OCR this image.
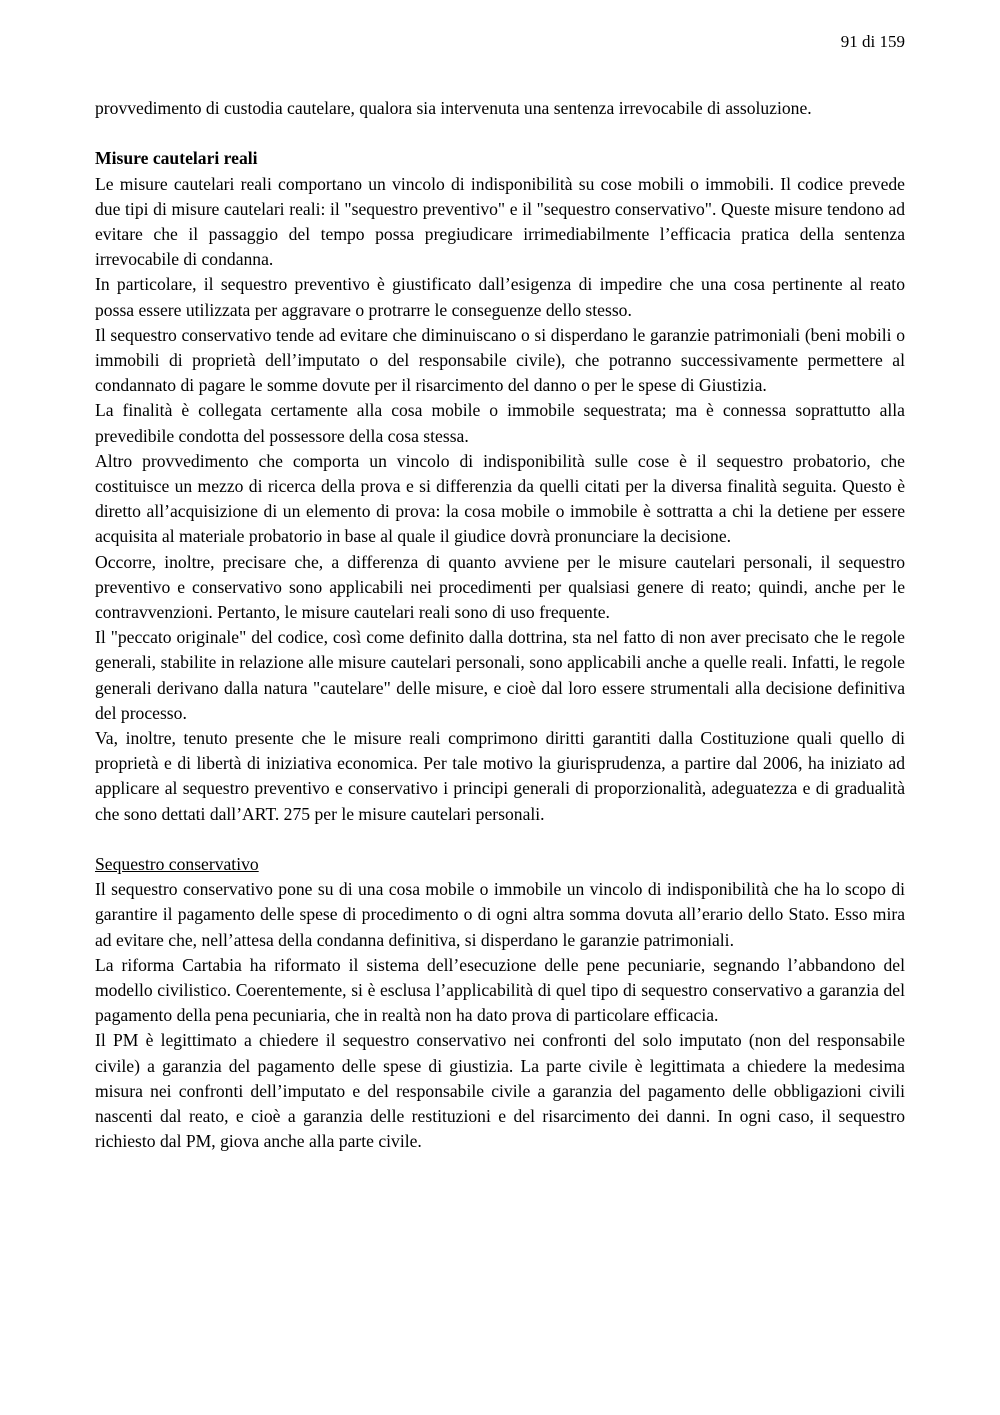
91 di 159

provvedimento di custodia cautelare, qualora sia intervenuta una sentenza irrevocabile di assoluzione.

Misure cautelari reali

Le misure cautelari reali comportano un vincolo di indisponibilità su cose mobili o immobili. Il codice prevede due tipi di misure cautelari reali: il "sequestro preventivo" e il "sequestro conservativo". Queste misure tendono ad evitare che il passaggio del tempo possa pregiudicare irrimediabilmente l’efficacia pratica della sentenza irrevocabile di condanna.

In particolare, il sequestro preventivo è giustificato dall’esigenza di impedire che una cosa pertinente al reato possa essere utilizzata per aggravare o protrarre le conseguenze dello stesso.

Il sequestro conservativo tende ad evitare che diminuiscano o si disperdano le garanzie patrimoniali (beni mobili o immobili di proprietà dell’imputato o del responsabile civile), che potranno successivamente permettere al condannato di pagare le somme dovute per il risarcimento del danno o per le spese di Giustizia.

La finalità è collegata certamente alla cosa mobile o immobile sequestrata; ma è connessa soprattutto alla prevedibile condotta del possessore della cosa stessa.

Altro provvedimento che comporta un vincolo di indisponibilità sulle cose è il sequestro probatorio, che costituisce un mezzo di ricerca della prova e si differenzia da quelli citati per la diversa finalità seguita. Questo è diretto all’acquisizione di un elemento di prova: la cosa mobile o immobile è sottratta a chi la detiene per essere acquisita al materiale probatorio in base al quale il giudice dovrà pronunciare la decisione.

Occorre, inoltre, precisare che, a differenza di quanto avviene per le misure cautelari personali, il sequestro preventivo e conservativo sono applicabili nei procedimenti per qualsiasi genere di reato; quindi, anche per le contravvenzioni. Pertanto, le misure cautelari reali sono di uso frequente.

Il "peccato originale" del codice, così come definito dalla dottrina, sta nel fatto di non aver precisato che le regole generali, stabilite in relazione alle misure cautelari personali, sono applicabili anche a quelle reali. Infatti, le regole generali derivano dalla natura "cautelare" delle misure, e cioè dal loro essere strumentali alla decisione definitiva del processo.

Va, inoltre, tenuto presente che le misure reali comprimono diritti garantiti dalla Costituzione quali quello di proprietà e di libertà di iniziativa economica. Per tale motivo la giurisprudenza, a partire dal 2006, ha iniziato ad applicare al sequestro preventivo e conservativo i principi generali di proporzionalità, adeguatezza e di gradualità che sono dettati dall’ART. 275 per le misure cautelari personali.

Sequestro conservativo

Il sequestro conservativo pone su di una cosa mobile o immobile un vincolo di indisponibilità che ha lo scopo di garantire il pagamento delle spese di procedimento o di ogni altra somma dovuta all’erario dello Stato. Esso mira ad evitare che, nell’attesa della condanna definitiva, si disperdano le garanzie patrimoniali.

La riforma Cartabia ha riformato il sistema dell’esecuzione delle pene pecuniarie, segnando l’abbandono del modello civilistico. Coerentemente, si è esclusa l’applicabilità di quel tipo di sequestro conservativo a garanzia del pagamento della pena pecuniaria, che in realtà non ha dato prova di particolare efficacia.

Il PM è legittimato a chiedere il sequestro conservativo nei confronti del solo imputato (non del responsabile civile) a garanzia del pagamento delle spese di giustizia. La parte civile è legittimata a chiedere la medesima misura nei confronti dell’imputato e del responsabile civile a garanzia del pagamento delle obbligazioni civili nascenti dal reato, e cioè a garanzia delle restituzioni e del risarcimento dei danni. In ogni caso, il sequestro richiesto dal PM, giova anche alla parte civile.
